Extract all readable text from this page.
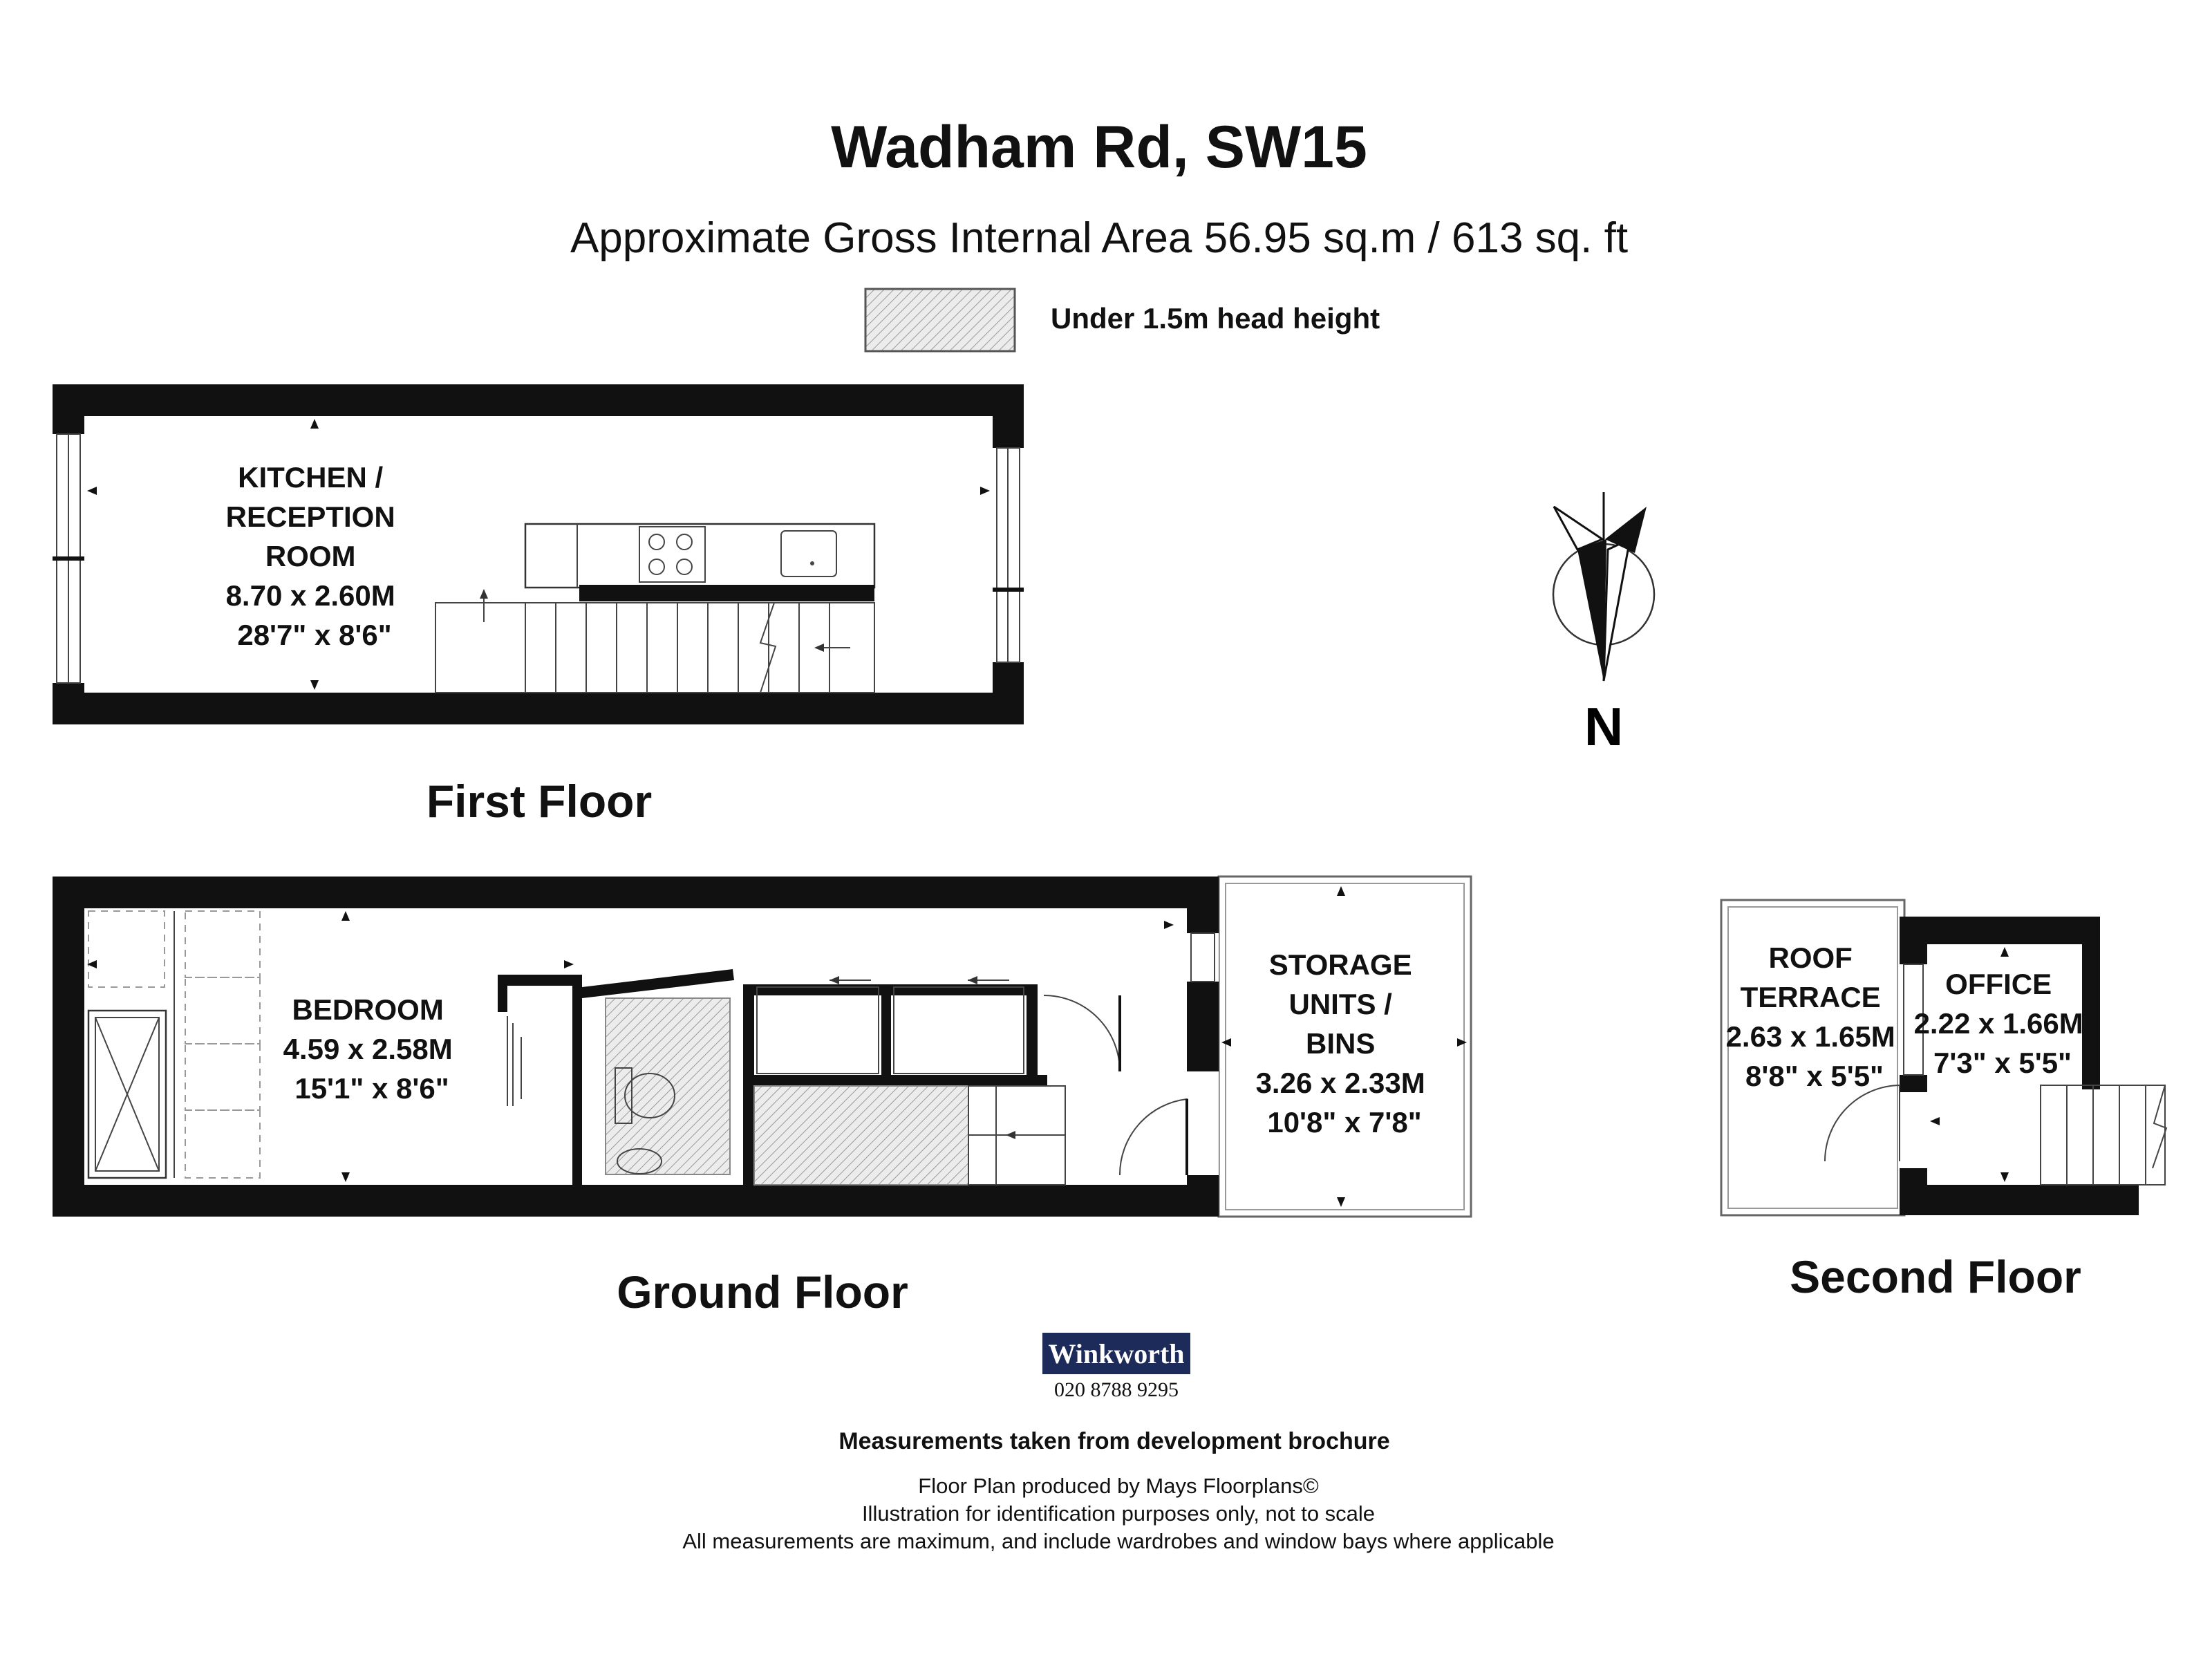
Wadham Rd, SW15
Approximate Gross Internal Area 56.95 sq.m / 613 sq. ft
Under 1.5m head height
KITCHEN / RECEPTION ROOM 8.70 x 2.60M 28'7" x 8'6"
First Floor
N
BEDROOM 4.59 x 2.58M 15'1" x 8'6"
STORAGE UNITS / BINS 3.26 x 2.33M 10'8" x 7'8"
Ground Floor
ROOF TERRACE 2.63 x 1.65M 8'8" x 5'5"
OFFICE 2.22 x 1.66M 7'3" x 5'5"
Second Floor
Winkworth
020 8788 9295
Measurements taken from development brochure
Floor Plan produced by Mays Floorplans©
Illustration for identification purposes only, not to scale
All measurements are maximum, and include wardrobes and window bays where applicable
